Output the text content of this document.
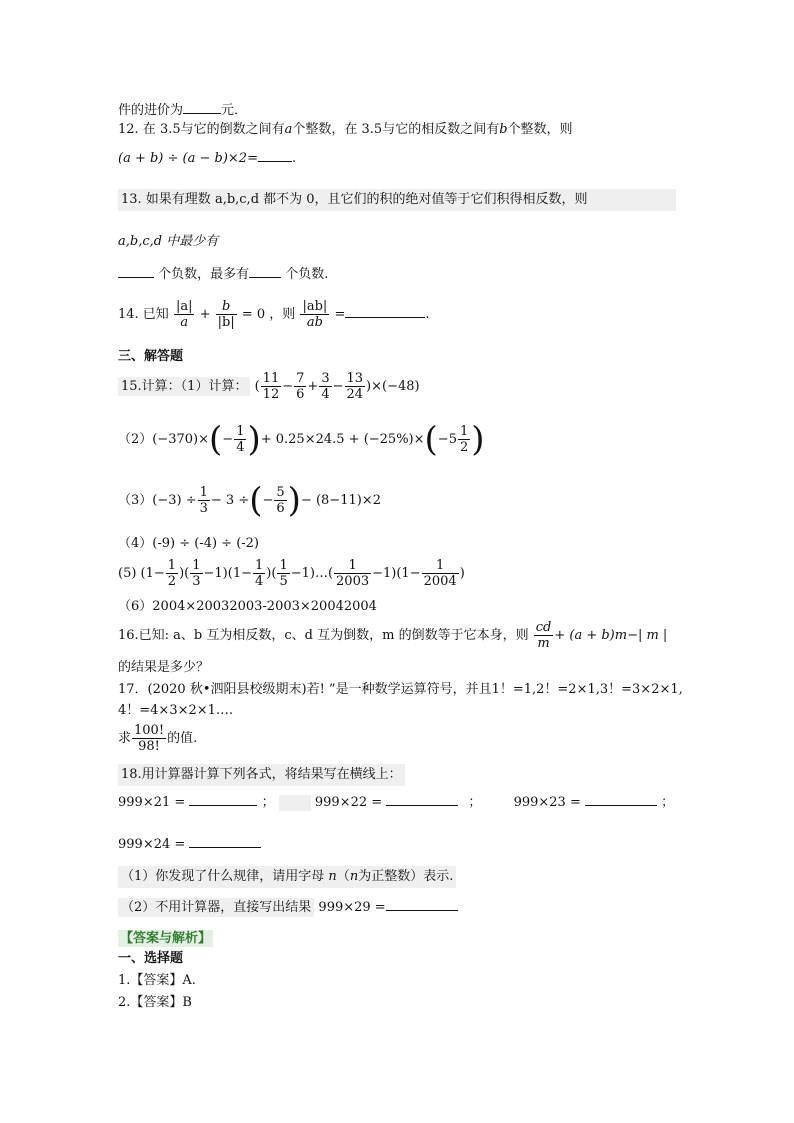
件的进价为	元．
12. 在 3.5与它的倒数之间有a个整数，在 3.5与它的相反数之间有b个整数，则
(a + b) ÷ (a − b)×2=	.
13. 如果有理数 a,b,c,d 都不为 0，且它们的积的绝对值等于它们积得相反数，则
a,b,c,d 中最少有
个负数，最多有	个负数.
14. 已知 $\frac{|a|}{a} + \frac{b}{|b|} = 0$ ，则 $\frac{|ab|}{ab}$ =	.
三、解答题
15.计算：（1）计算： ( $\frac{11}{12} - \frac{7}{6} + \frac{3}{4} - \frac{13}{24} )\times(-48)$
$(2)(-370)\times(- \frac{1}{4}$ )+ $0.25\times 24.5 + (-25\%)\times(-5 \frac{1}{2}$ )
$(3)(-3) \div \frac{1}{3} - 3$ ÷(− $\frac{5}{6}$ )− (8−11)×2
（4）(-9) ÷ (-4) ÷ (-2)
(5) ($1- \frac{1}{2}$ )( $\frac{1}{3} -1)(1- \frac{1}{4}$ )( $\frac{1}{5}$ −1)…( $\frac{1}{2003} -1)(1- \frac{1}{2004}$ )
（6）2004×20032003-2003×20042004
16.已知: a、b 互为相反数，c、d 互为倒数，m 的倒数等于它本身，则 $\frac{cd}{m} + (a + b)m-|$ m |
的结果是多少？
17．(2020 秋•泗阳县校级期末)若! ”是一种数学运算符号，并且1！=1,2！=2×1,3！=3×2×1,
4！=4×3×2×1….
求 $\frac{100!}{98!}$ 的值.
18.用计算器计算下列各式，将结果写在横线上：
999×21 =	；	999×22 =	； 999×23 =	；
999×24 =
（1）你发现了什么规律，请用字母 n（n为正整数）表示.
（2）不用计算器，直接写出结果 999×29 =
【答案与解析】
一、选择题
1.【答案】A.
2.【答案】B
